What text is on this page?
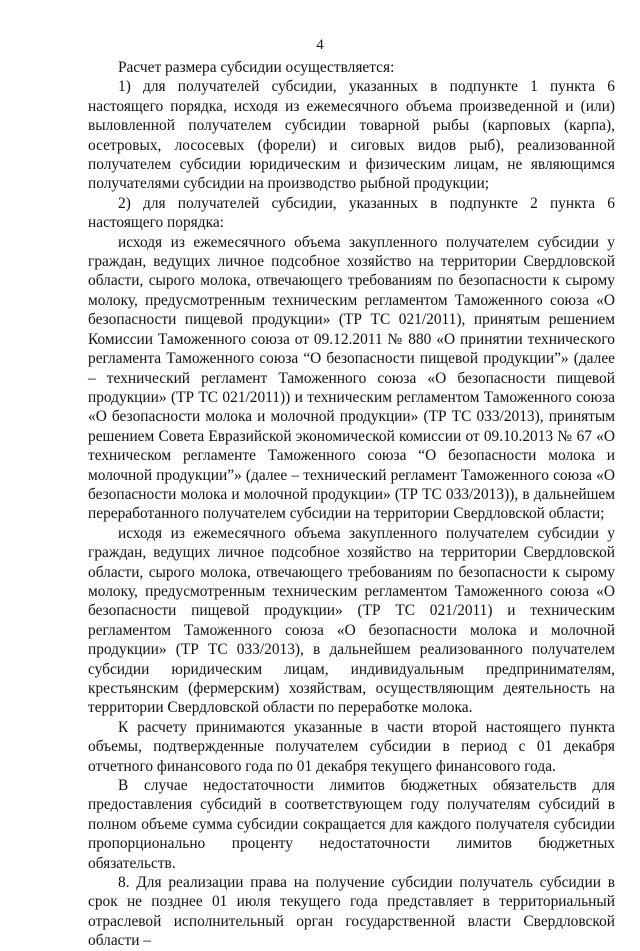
4

Расчет размера субсидии осуществляется:

1) для получателей субсидии, указанных в подпункте 1 пункта 6 настоящего порядка, исходя из ежемесячного объема произведенной и (или) выловленной получателем субсидии товарной рыбы (карповых (карпа), осетровых, лососевых (форели) и сиговых видов рыб), реализованной получателем субсидии юридическим и физическим лицам, не являющимся получателями субсидии на производство рыбной продукции;

2) для получателей субсидии, указанных в подпункте 2 пункта 6 настоящего порядка:

исходя из ежемесячного объема закупленного получателем субсидии у граждан, ведущих личное подсобное хозяйство на территории Свердловской области, сырого молока, отвечающего требованиям по безопасности к сырому молоку, предусмотренным техническим регламентом Таможенного союза «О безопасности пищевой продукции» (ТР ТС 021/2011), принятым решением Комиссии Таможенного союза от 09.12.2011 № 880 «О принятии технического регламента Таможенного союза “О безопасности пищевой продукции”» (далее – технический регламент Таможенного союза «О безопасности пищевой продукции» (ТР ТС 021/2011)) и техническим регламентом Таможенного союза «О безопасности молока и молочной продукции» (ТР ТС 033/2013), принятым решением Совета Евразийской экономической комиссии от 09.10.2013 № 67 «О техническом регламенте Таможенного союза “О безопасности молока и молочной продукции”» (далее – технический регламент Таможенного союза «О безопасности молока и молочной продукции» (ТР ТС 033/2013)), в дальнейшем переработанного получателем субсидии на территории Свердловской области;

исходя из ежемесячного объема закупленного получателем субсидии у граждан, ведущих личное подсобное хозяйство на территории Свердловской области, сырого молока, отвечающего требованиям по безопасности к сырому молоку, предусмотренным техническим регламентом Таможенного союза «О безопасности пищевой продукции» (ТР ТС 021/2011) и техническим регламентом Таможенного союза «О безопасности молока и молочной продукции» (ТР ТС 033/2013), в дальнейшем реализованного получателем субсидии юридическим лицам, индивидуальным предпринимателям, крестьянским (фермерским) хозяйствам, осуществляющим деятельность на территории Свердловской области по переработке молока.

К расчету принимаются указанные в части второй настоящего пункта объемы, подтвержденные получателем субсидии в период с 01 декабря отчетного финансового года по 01 декабря текущего финансового года.

В случае недостаточности лимитов бюджетных обязательств для предоставления субсидий в соответствующем году получателям субсидий в полном объеме сумма субсидии сокращается для каждого получателя субсидии пропорционально проценту недостаточности лимитов бюджетных обязательств.

8. Для реализации права на получение субсидии получатель субсидии в срок не позднее 01 июля текущего года представляет в территориальный отраслевой исполнительный орган государственной власти Свердловской области –
